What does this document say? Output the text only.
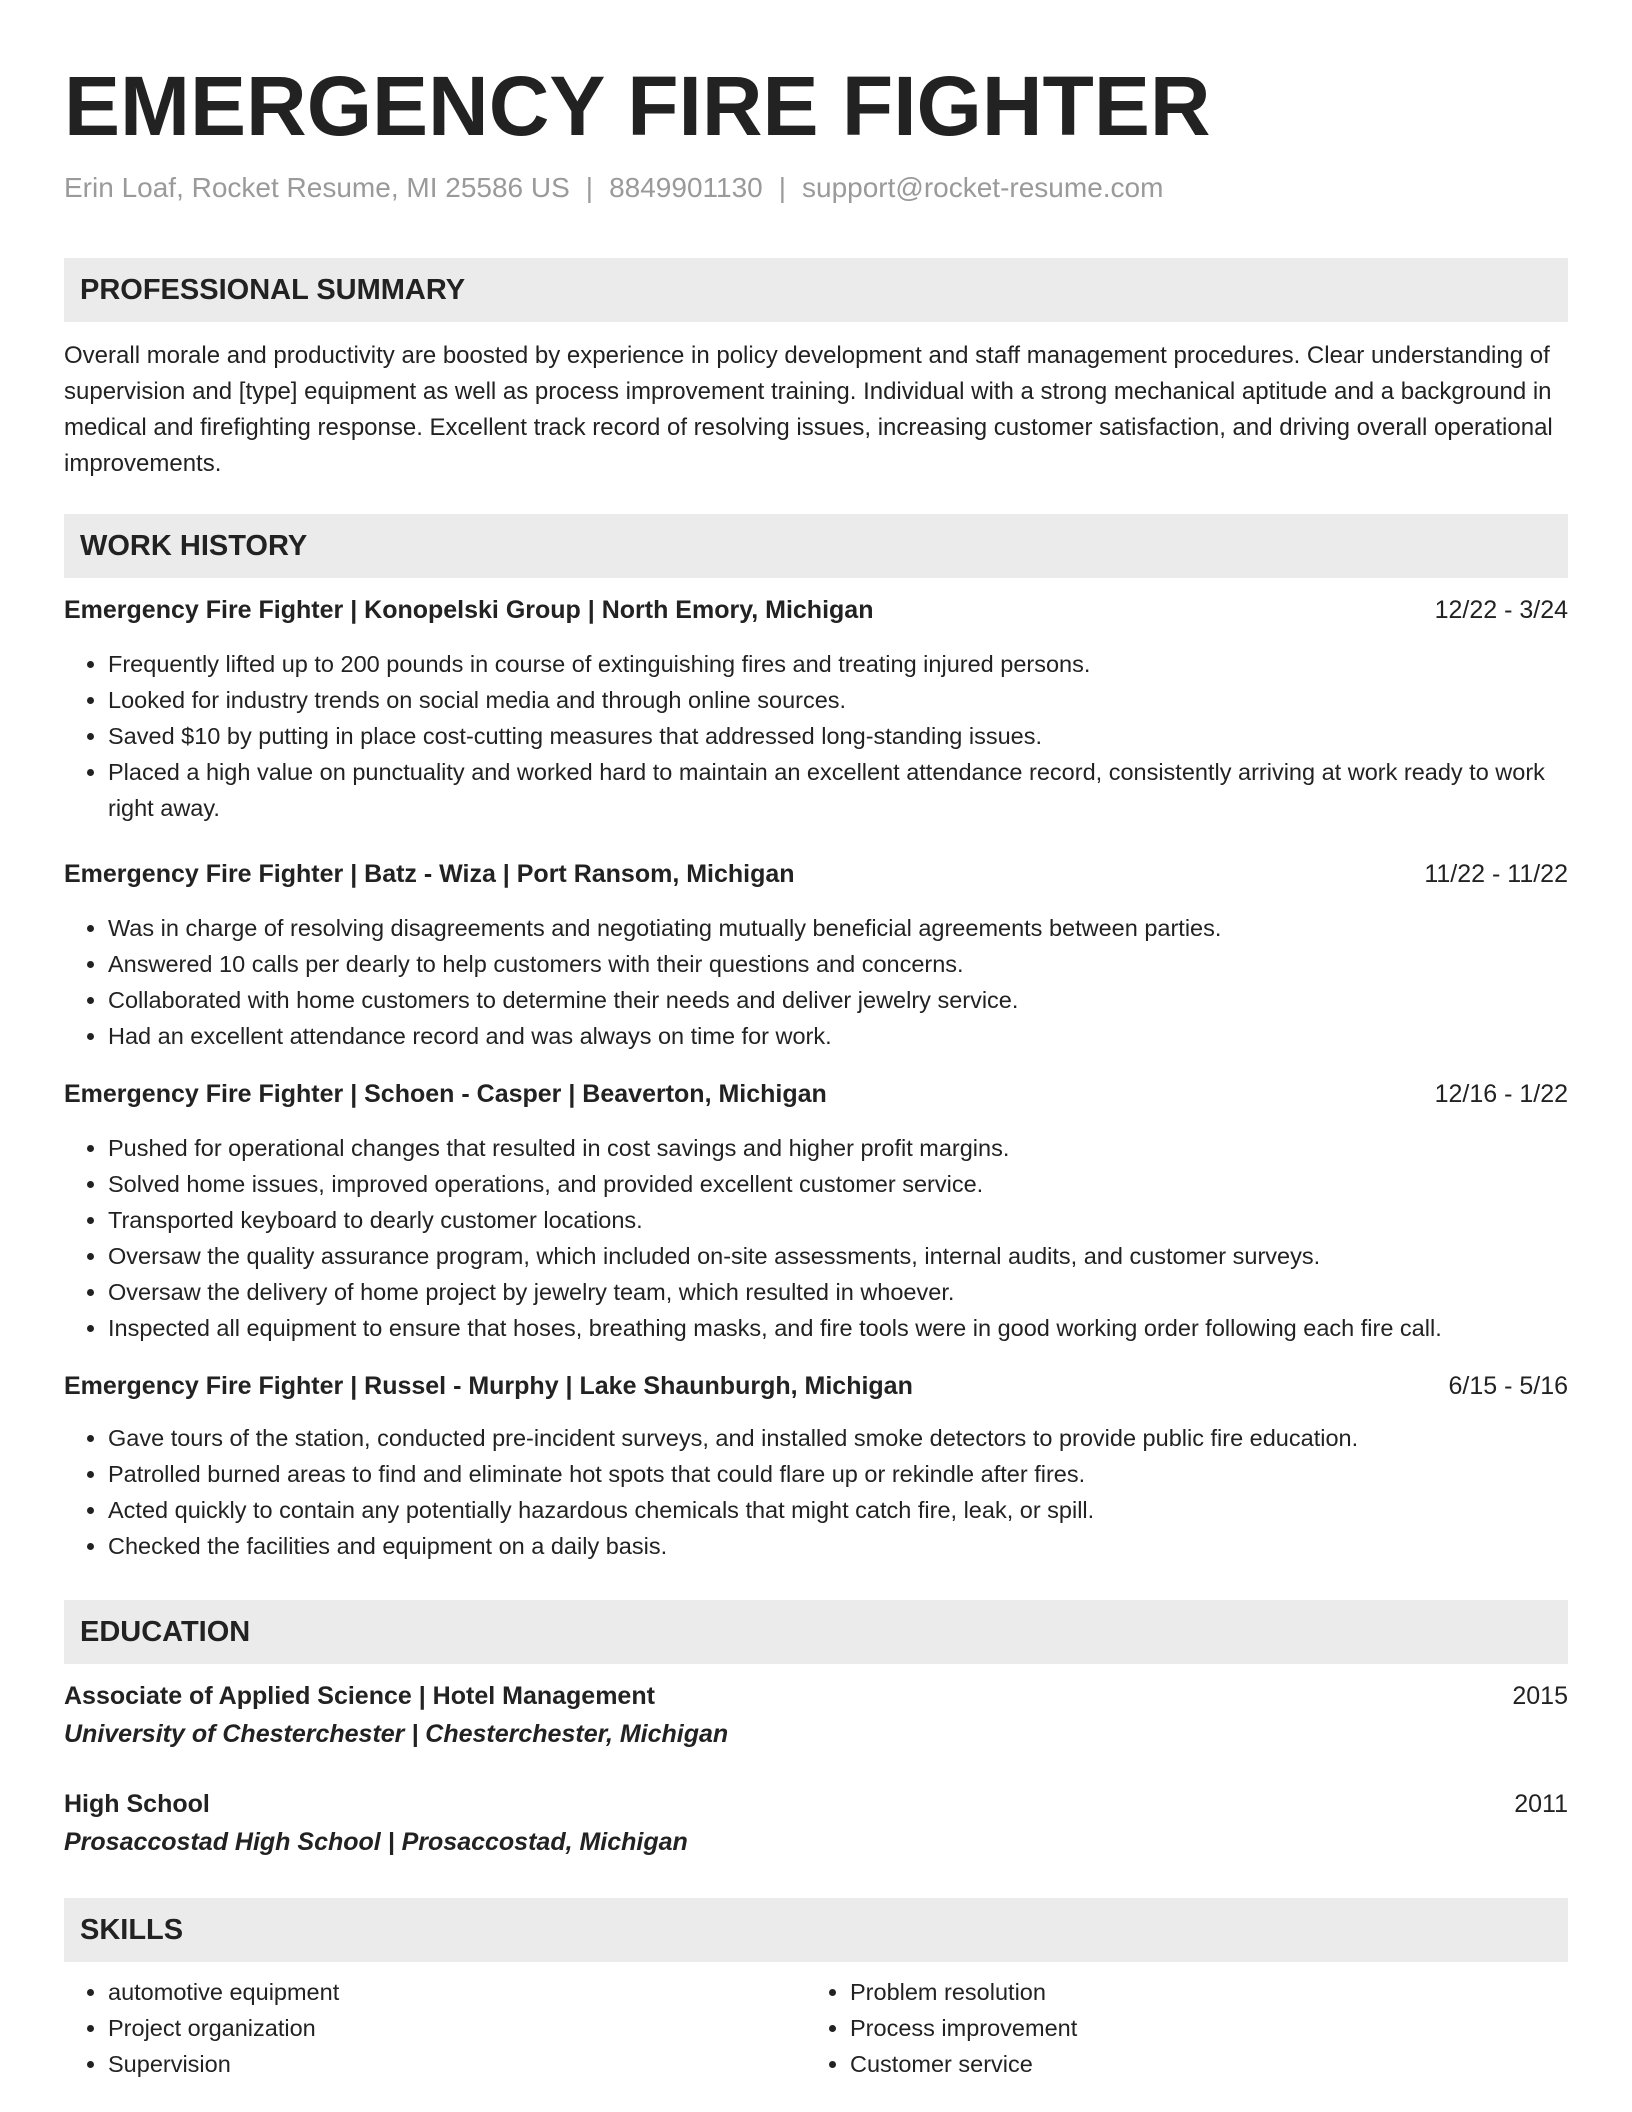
EMERGENCY FIRE FIGHTER
Erin Loaf, Rocket Resume, MI 25586 US | 8849901130 | support@rocket-resume.com
PROFESSIONAL SUMMARY
Overall morale and productivity are boosted by experience in policy development and staff management procedures. Clear understanding of supervision and [type] equipment as well as process improvement training. Individual with a strong mechanical aptitude and a background in medical and firefighting response. Excellent track record of resolving issues, increasing customer satisfaction, and driving overall operational improvements.
WORK HISTORY
Emergency Fire Fighter | Konopelski Group | North Emory, Michigan	12/22 - 3/24
• Frequently lifted up to 200 pounds in course of extinguishing fires and treating injured persons.
• Looked for industry trends on social media and through online sources.
• Saved $10 by putting in place cost-cutting measures that addressed long-standing issues.
• Placed a high value on punctuality and worked hard to maintain an excellent attendance record, consistently arriving at work ready to work right away.
Emergency Fire Fighter | Batz - Wiza | Port Ransom, Michigan	11/22 - 11/22
• Was in charge of resolving disagreements and negotiating mutually beneficial agreements between parties.
• Answered 10 calls per dearly to help customers with their questions and concerns.
• Collaborated with home customers to determine their needs and deliver jewelry service.
• Had an excellent attendance record and was always on time for work.
Emergency Fire Fighter | Schoen - Casper | Beaverton, Michigan	12/16 - 1/22
• Pushed for operational changes that resulted in cost savings and higher profit margins.
• Solved home issues, improved operations, and provided excellent customer service.
• Transported keyboard to dearly customer locations.
• Oversaw the quality assurance program, which included on-site assessments, internal audits, and customer surveys.
• Oversaw the delivery of home project by jewelry team, which resulted in whoever.
• Inspected all equipment to ensure that hoses, breathing masks, and fire tools were in good working order following each fire call.
Emergency Fire Fighter | Russel - Murphy | Lake Shaunburgh, Michigan	6/15 - 5/16
• Gave tours of the station, conducted pre-incident surveys, and installed smoke detectors to provide public fire education.
• Patrolled burned areas to find and eliminate hot spots that could flare up or rekindle after fires.
• Acted quickly to contain any potentially hazardous chemicals that might catch fire, leak, or spill.
• Checked the facilities and equipment on a daily basis.
EDUCATION
Associate of Applied Science | Hotel Management	2015
University of Chesterchester | Chesterchester, Michigan
High School	2011
Prosaccostad High School | Prosaccostad, Michigan
SKILLS
• automotive equipment
• Project organization
• Supervision
• Problem resolution
• Process improvement
• Customer service
